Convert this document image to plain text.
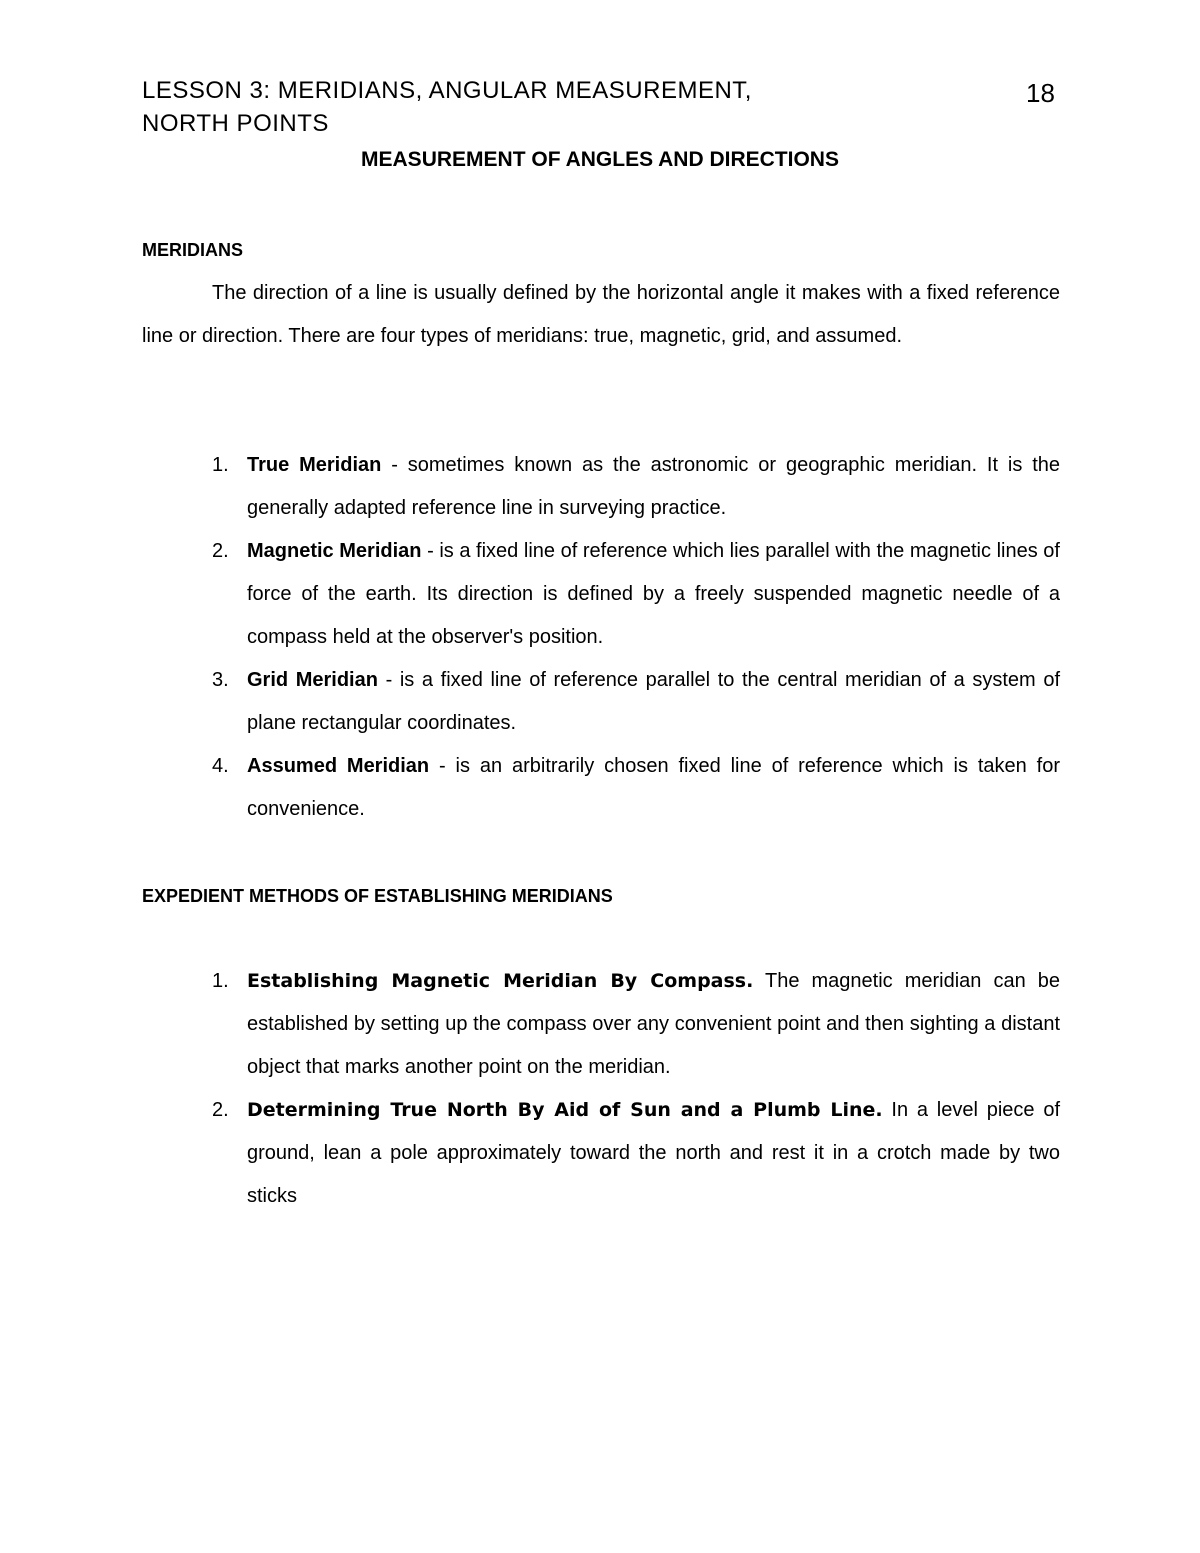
LESSON 3: MERIDIANS, ANGULAR MEASUREMENT,
NORTH POINTS
18
MEASUREMENT OF ANGLES AND DIRECTIONS
MERIDIANS

The direction of a line is usually defined by the horizontal angle it makes with a fixed reference line or direction. There are four types of meridians: true, magnetic, grid, and assumed.

1. True Meridian - sometimes known as the astronomic or geographic meridian. It is the generally adapted reference line in surveying practice.
2. Magnetic Meridian - is a fixed line of reference which lies parallel with the magnetic lines of force of the earth. Its direction is defined by a freely suspended magnetic needle of a compass held at the observer's position.
3. Grid Meridian - is a fixed line of reference parallel to the central meridian of a system of plane rectangular coordinates.
4. Assumed Meridian - is an arbitrarily chosen fixed line of reference which is taken for convenience.
EXPEDIENT METHODS OF ESTABLISHING MERIDIANS
1. Establishing Magnetic Meridian By Compass. The magnetic meridian can be established by setting up the compass over any convenient point and then sighting a distant object that marks another point on the meridian.
2. Determining True North By Aid of Sun and a Plumb Line. In a level piece of ground, lean a pole approximately toward the north and rest it in a crotch made by two sticks
